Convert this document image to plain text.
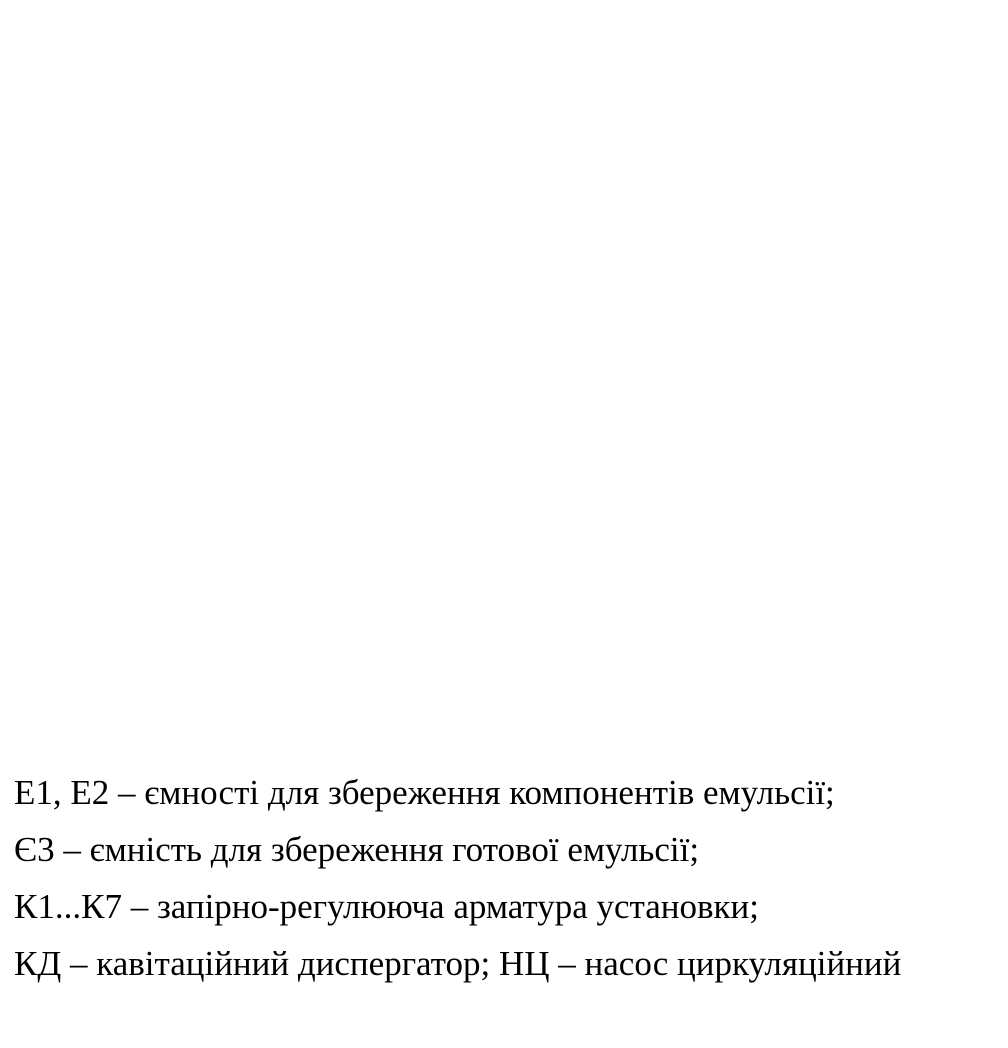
Е1, Е2 – ємності для збереження компонентів емульсії;
Є3 – ємність для збереження готової емульсії;
К1...К7 – запірно-регулююча арматура установки;
КД – кавітаційний диспергатор; НЦ – насос циркуляційний
